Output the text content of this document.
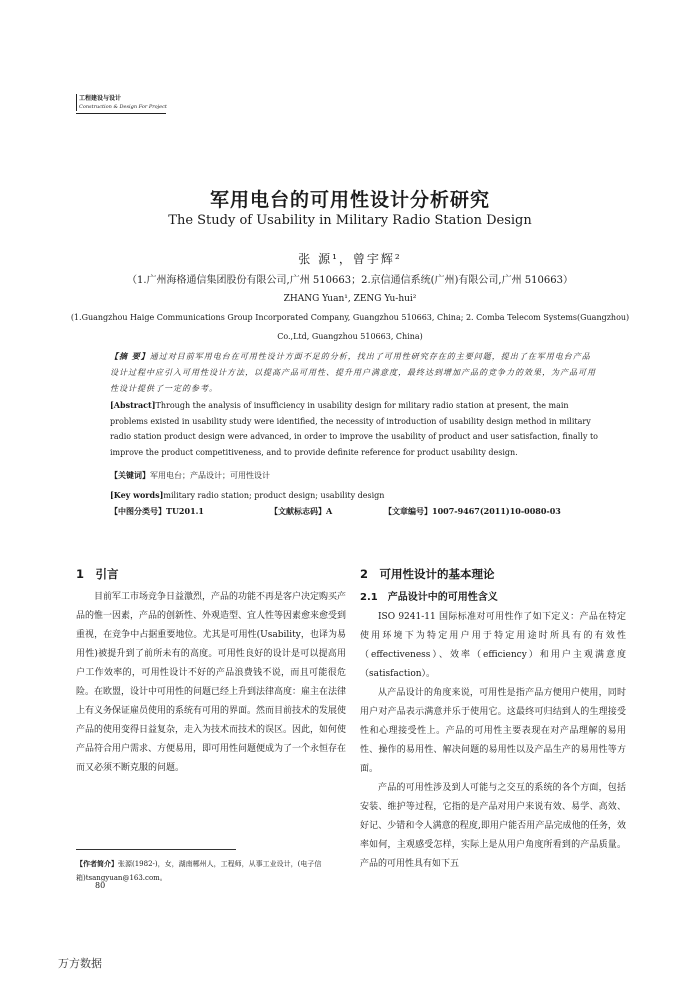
工程建设与设计
Construction & Design For Project
军用电台的可用性设计分析研究
The Study of Usability in Military Radio Station Design
张 源¹，曾宇辉²
（1.广州海格通信集团股份有限公司,广州 510663；2.京信通信系统(广州)有限公司,广州 510663）
ZHANG Yuan¹, ZENG Yu-hui²
(1.Guangzhou Haige Communications Group Incorporated Company, Guangzhou 510663, China; 2. Comba Telecom Systems(Guangzhou)
Co.,Ltd, Guangzhou 510663, China)
【摘 要】通过对目前军用电台在可用性设计方面不足的分析，找出了可用性研究存在的主要问题，提出了在军用电台产品设计过程中应引入可用性设计方法，以提高产品可用性、提升用户满意度，最终达到增加产品的竞争力的效果，为产品可用性设计提供了一定的参考。
[Abstract]Through the analysis of insufficiency in usability design for military radio station at present, the main problems existed in usability study were identified, the necessity of introduction of usability design method in military radio station product design were advanced, in order to improve the usability of product and user satisfaction, finally to improve the product competitiveness, and to provide definite reference for product usability design.
【关键词】军用电台；产品设计；可用性设计
[Key words]military radio station; product design; usability design
【中图分类号】TU201.1	【文献标志码】A	【文章编号】1007-9467(2011)10-0080-03
1　引言

目前军工市场竞争日益激烈，产品的功能不再是客户决定购买产品的惟一因素，产品的创新性、外观造型、宜人性等因素愈来愈受到重视，在竞争中占据重要地位。尤其是可用性(Usability，也译为易用性)被提升到了前所未有的高度。可用性良好的设计是可以提高用户工作效率的，可用性设计不好的产品浪费钱不说，而且可能很危险。在欧盟，设计中可用性的问题已经上升到法律高度：雇主在法律上有义务保证雇员使用的系统有可用的界面。然而目前技术的发展使产品的使用变得日益复杂，走入为技术而技术的误区。因此，如何使产品符合用户需求、方便易用，即可用性问题便成为了一个永恒存在而又必须不断克服的问题。

2　可用性设计的基本理论
2.1　产品设计中的可用性含义

ISO 9241-11 国际标准对可用性作了如下定义：产品在特定使用环境下为特定用户用于特定用途时所具有的有效性（effectiveness）、效率（efficiency）和用户主观满意度（satisfaction）。

从产品设计的角度来说，可用性是指产品方便用户使用，同时用户对产品表示满意并乐于使用它。这最终可归结到人的生理接受性和心理接受性上。产品的可用性主要表现在对产品理解的易用性、操作的易用性、解决问题的易用性以及产品生产的易用性等方面。

产品的可用性涉及到人可能与之交互的系统的各个方面，包括安装、维护等过程，它指的是产品对用户来说有效、易学、高效、好记、少错和令人满意的程度,即用户能否用产品完成他的任务，效率如何，主观感受怎样，实际上是从用户角度所看到的产品质量。产品的可用性具有如下五

【作者简介】张源(1982-)，女，湖南郴州人，工程师，从事工业设计，(电子信箱)tsangyuan@163.com。
80
万方数据
